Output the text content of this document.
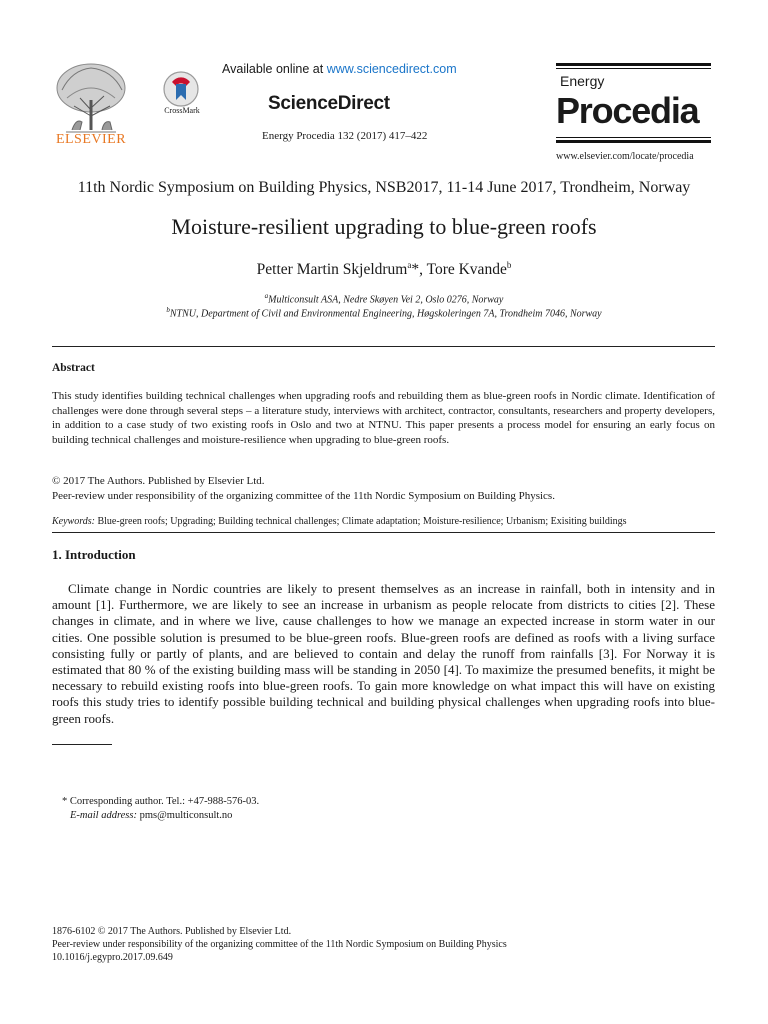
ELSEVIER
CrossMark
Available online at www.sciencedirect.com
ScienceDirect
Energy Procedia 132 (2017) 417–422
Energy
Procedia
www.elsevier.com/locate/procedia
11th Nordic Symposium on Building Physics, NSB2017, 11-14 June 2017, Trondheim, Norway
Moisture-resilient upgrading to blue-green roofs
Petter Martin Skjeldrum$^a$*, Tore Kvande$^b$
$^a$Multiconsult ASA, Nedre Skøyen Vei 2, Oslo 0276, Norway
$^b$NTNU, Department of Civil and Environmental Engineering, Høgskoleringen 7A, Trondheim 7046, Norway
Abstract
This study identifies building technical challenges when upgrading roofs and rebuilding them as blue-green roofs in Nordic climate. Identification of challenges were done through several steps – a literature study, interviews with architect, contractor, consultants, researchers and property developers, in addition to a case study of two existing roofs in Oslo and two at NTNU. This paper presents a process model for ensuring an early focus on building technical challenges and moisture-resilience when upgrading to blue-green roofs.
© 2017 The Authors. Published by Elsevier Ltd.
Peer-review under responsibility of the organizing committee of the 11th Nordic Symposium on Building Physics.
Keywords: Blue-green roofs; Upgrading; Building technical challenges; Climate adaptation; Moisture-resilience; Urbanism; Exisiting buildings
1. Introduction
Climate change in Nordic countries are likely to present themselves as an increase in rainfall, both in intensity and in amount [1]. Furthermore, we are likely to see an increase in urbanism as people relocate from districts to cities [2]. These changes in climate, and in where we live, cause challenges to how we manage an expected increase in storm water in our cities. One possible solution is presumed to be blue-green roofs. Blue-green roofs are defined as roofs with a living surface consisting fully or partly of plants, and are believed to contain and delay the runoff from rainfalls [3]. For Norway it is estimated that 80 % of the existing building mass will be standing in 2050 [4]. To maximize the presumed benefits, it might be necessary to rebuild existing roofs into blue-green roofs. To gain more knowledge on what impact this will have on existing roofs this study tries to identify possible building technical and building physical challenges when upgrading roofs into blue-green roofs.
* Corresponding author. Tel.: +47-988-576-03.
E-mail address: pms@multiconsult.no
1876-6102 © 2017 The Authors. Published by Elsevier Ltd.
Peer-review under responsibility of the organizing committee of the 11th Nordic Symposium on Building Physics
10.1016/j.egypro.2017.09.649
